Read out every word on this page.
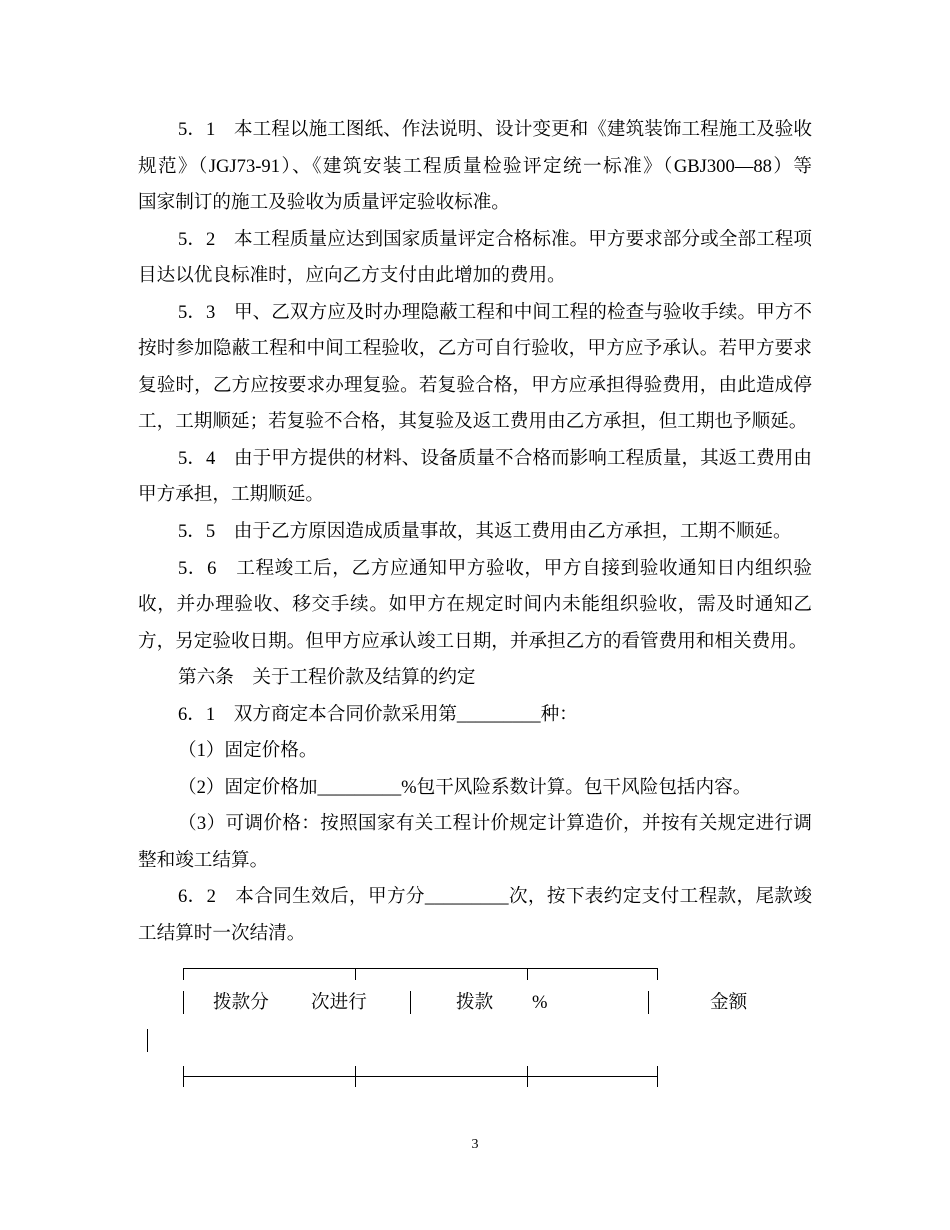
5．1　本工程以施工图纸、作法说明、设计变更和《建筑装饰工程施工及验收
规范》（JGJ73-91）、《建筑安装工程质量检验评定统一标准》（GBJ300—88）等
国家制订的施工及验收为质量评定验收标准。
5．2　本工程质量应达到国家质量评定合格标准。甲方要求部分或全部工程项
目达以优良标准时，应向乙方支付由此增加的费用。
5．3　甲、乙双方应及时办理隐蔽工程和中间工程的检查与验收手续。甲方不
按时参加隐蔽工程和中间工程验收，乙方可自行验收，甲方应予承认。若甲方要求
复验时，乙方应按要求办理复验。若复验合格，甲方应承担得验费用，由此造成停
工，工期顺延；若复验不合格，其复验及返工费用由乙方承担，但工期也予顺延。
5．4　由于甲方提供的材料、设备质量不合格而影响工程质量，其返工费用由
甲方承担，工期顺延。
5．5　由于乙方原因造成质量事故，其返工费用由乙方承担，工期不顺延。
5．6　工程竣工后，乙方应通知甲方验收，甲方自接到验收通知日内组织验
收，并办理验收、移交手续。如甲方在规定时间内未能组织验收，需及时通知乙
方，另定验收日期。但甲方应承认竣工日期，并承担乙方的看管费用和相关费用。
第六条　关于工程价款及结算的约定
6．1　双方商定本合同价款采用第_________种：
（1）固定价格。
（2）固定价格加_________%包干风险系数计算。包干风险包括内容。
（3）可调价格：按照国家有关工程计价规定计算造价，并按有关规定进行调
整和竣工结算。
6．2　本合同生效后，甲方分_________次，按下表约定支付工程款，尾款竣
工结算时一次结清。
拨款分 次进行	拨款 %	金额
3
